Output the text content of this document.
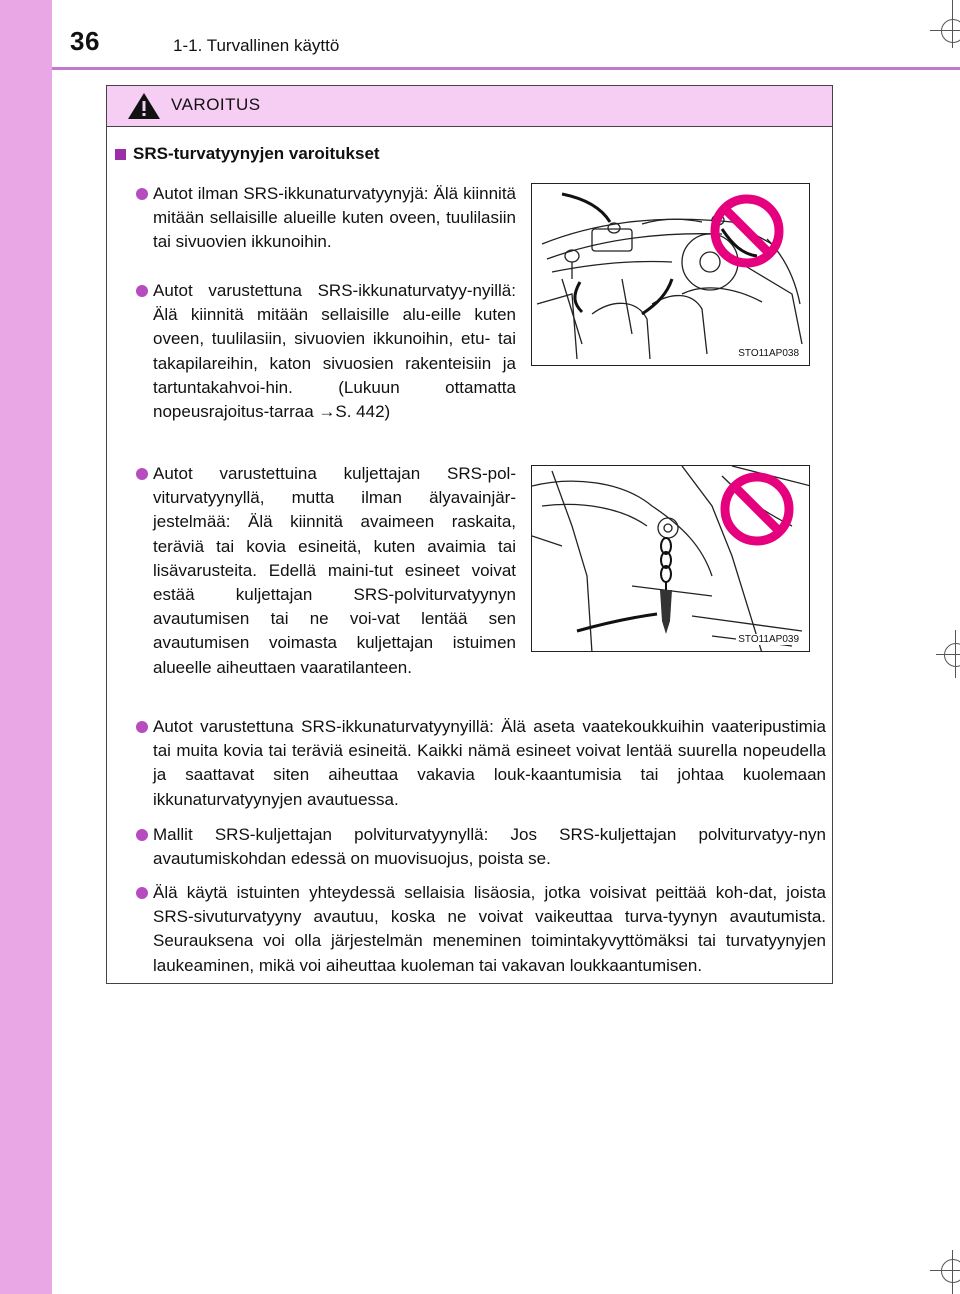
36	1-1. Turvallinen käyttö
VAROITUS
SRS-turvatyynyjen varoitukset
Autot ilman SRS-ikkunaturvatyynyjä: Älä kiinnitä mitään sellaisille alueille kuten oveen, tuulilasiin tai sivuovien ikkunoihin.
STO11AP038
Autot varustettuna SRS-ikkunaturvatyy-nyillä: Älä kiinnitä mitään sellaisille alu-eille kuten oveen, tuulilasiin, sivuovien ikkunoihin, etu- tai takapilareihin, katon sivuosien rakenteisiin ja tartuntakahvoi-hin. (Lukuun ottamatta nopeusrajoitus-tarraa →S. 442)
Autot varustettuina kuljettajan SRS-pol-viturvatyynyllä, mutta ilman älyavainjär-jestelmää: Älä kiinnitä avaimeen raskaita, teräviä tai kovia esineitä, kuten avaimia tai lisävarusteita. Edellä maini-tut esineet voivat estää kuljettajan SRS-polviturvatyynyn avautumisen tai ne voi-vat lentää sen avautumisen voimasta kuljettajan istuimen alueelle aiheuttaen vaaratilanteen.
STO11AP039
Autot varustettuna SRS-ikkunaturvatyynyillä: Älä aseta vaatekoukkuihin vaateripustimia tai muita kovia tai teräviä esineitä. Kaikki nämä esineet voivat lentää suurella nopeudella ja saattavat siten aiheuttaa vakavia louk-kaantumisia tai johtaa kuolemaan ikkunaturvatyynyjen avautuessa.
Mallit SRS-kuljettajan polviturvatyynyllä: Jos SRS-kuljettajan polviturvatyy-nyn avautumiskohdan edessä on muovisuojus, poista se.
Älä käytä istuinten yhteydessä sellaisia lisäosia, jotka voisivat peittää koh-dat, joista SRS-sivuturvatyyny avautuu, koska ne voivat vaikeuttaa turva-tyynyn avautumista. Seurauksena voi olla järjestelmän meneminen toimintakyvyttömäksi tai turvatyynyjen laukeaminen, mikä voi aiheuttaa kuoleman tai vakavan loukkaantumisen.
